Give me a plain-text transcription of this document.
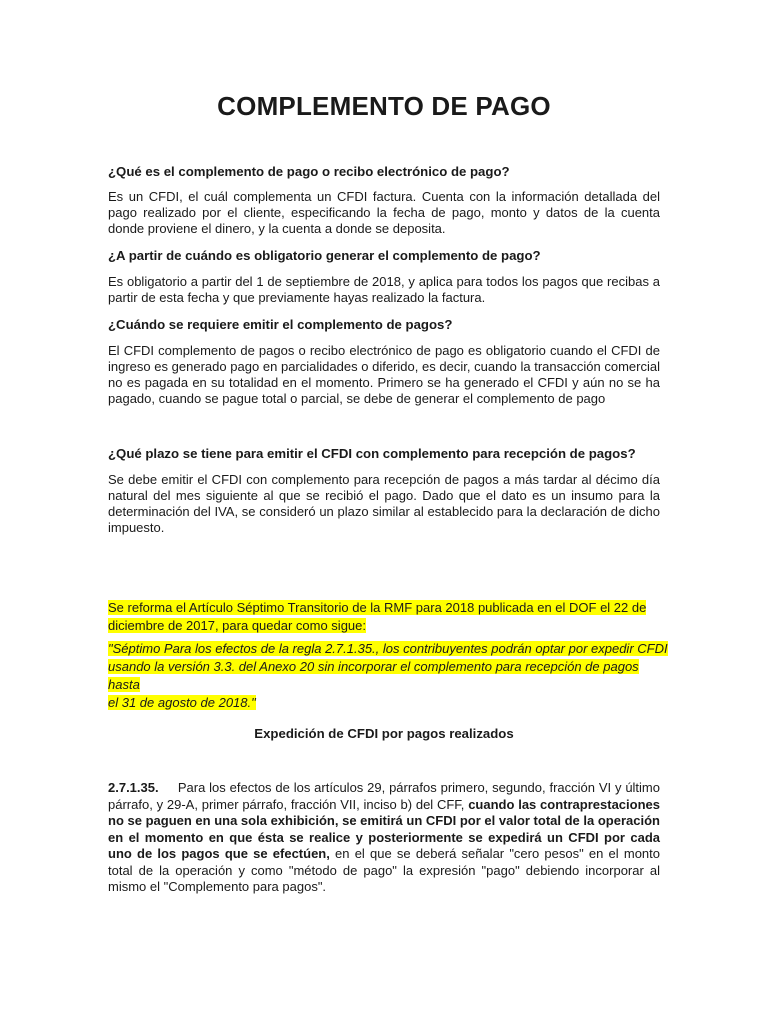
COMPLEMENTO DE PAGO

¿Qué es el complemento de pago o recibo electrónico de pago?

Es un CFDI, el cuál complementa un CFDI factura. Cuenta con la información detallada del pago realizado por el cliente, especificando la fecha de pago, monto y datos de la cuenta donde proviene el dinero, y la cuenta a donde se deposita.

¿A partir de cuándo es obligatorio generar el complemento de pago?

Es obligatorio a partir del 1 de septiembre de 2018, y aplica para todos los pagos que recibas a partir de esta fecha y que previamente hayas realizado la factura.

¿Cuándo se requiere emitir el complemento de pagos?

El CFDI complemento de pagos o recibo electrónico de pago es obligatorio cuando el CFDI de ingreso es generado pago en parcialidades o diferido, es decir, cuando la transacción comercial no es pagada en su totalidad en el momento. Primero se ha generado el CFDI y aún no se ha pagado, cuando se pague total o parcial, se debe de generar el complemento de pago

¿Qué plazo se tiene para emitir el CFDI con complemento para recepción de pagos?

Se debe emitir el CFDI con complemento para recepción de pagos a más tardar al décimo día natural del mes siguiente al que se recibió el pago. Dado que el dato es un insumo para la determinación del IVA, se consideró un plazo similar al establecido para la declaración de dicho impuesto.

Se reforma el Artículo Séptimo Transitorio de la RMF para 2018 publicada en el DOF el 22 de
diciembre de 2017, para quedar como sigue:
"Séptimo Para los efectos de la regla 2.7.1.35., los contribuyentes podrán optar por expedir CFDI
usando la versión 3.3. del Anexo 20 sin incorporar el complemento para recepción de pagos hasta
el 31 de agosto de 2018."

Expedición de CFDI por pagos realizados

2.7.1.35. Para los efectos de los artículos 29, párrafos primero, segundo, fracción VI y último párrafo, y 29-A, primer párrafo, fracción VII, inciso b) del CFF, cuando las contraprestaciones no se paguen en una sola exhibición, se emitirá un CFDI por el valor total de la operación en el momento en que ésta se realice y posteriormente se expedirá un CFDI por cada uno de los pagos que se efectúen, en el que se deberá señalar "cero pesos" en el monto total de la operación y como "método de pago" la expresión "pago" debiendo incorporar al mismo el "Complemento para pagos".
